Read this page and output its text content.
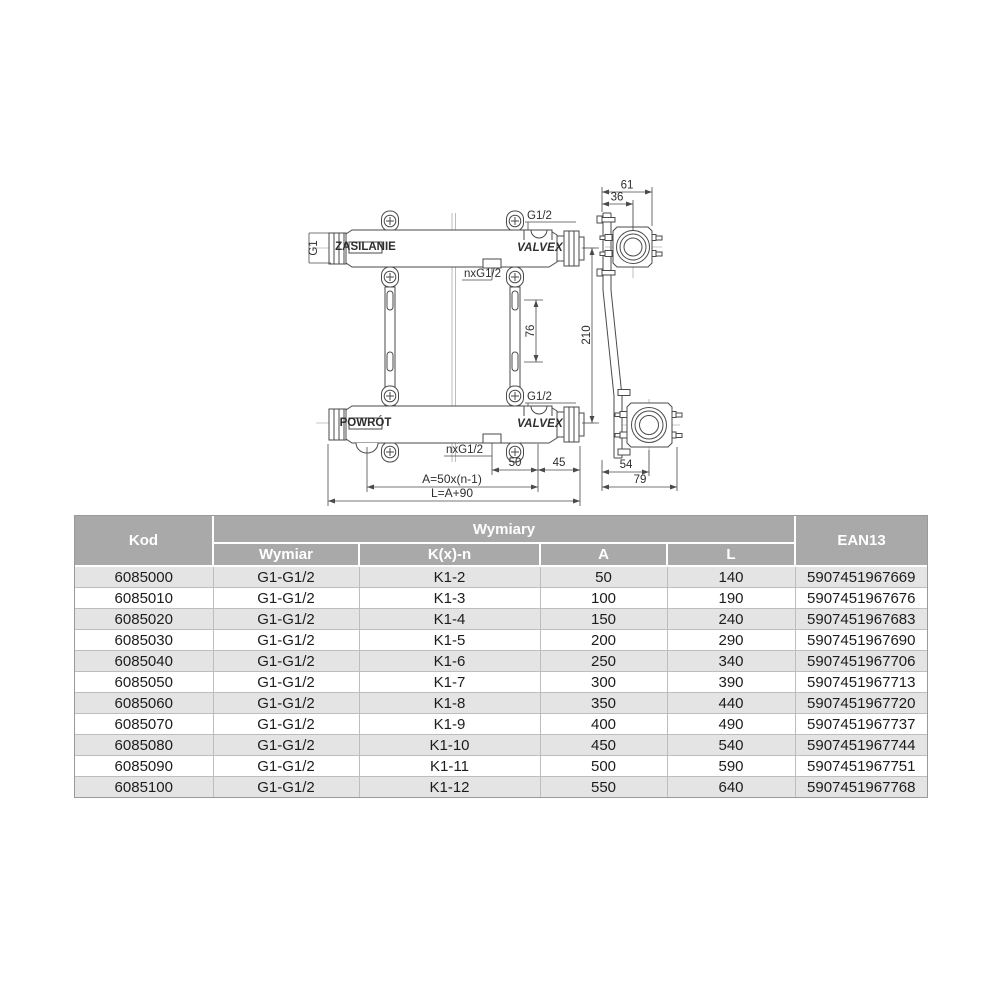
ZASILANIE	VALVEX
POWRÓT	VALVEX
G1
G1/2
nxG1/2
G1/2
nxG1/2
50	45
A=50x(n-1)
L=A+90
76	210
61
36
54
79
Kod	Wymiary				EAN13
	Wymiar	K(x)-n	A	L	
6085000	G1-G1/2	K1-2	50	140	5907451967669
6085010	G1-G1/2	K1-3	100	190	5907451967676
6085020	G1-G1/2	K1-4	150	240	5907451967683
6085030	G1-G1/2	K1-5	200	290	5907451967690
6085040	G1-G1/2	K1-6	250	340	5907451967706
6085050	G1-G1/2	K1-7	300	390	5907451967713
6085060	G1-G1/2	K1-8	350	440	5907451967720
6085070	G1-G1/2	K1-9	400	490	5907451967737
6085080	G1-G1/2	K1-10	450	540	5907451967744
6085090	G1-G1/2	K1-11	500	590	5907451967751
6085100	G1-G1/2	K1-12	550	640	5907451967768
